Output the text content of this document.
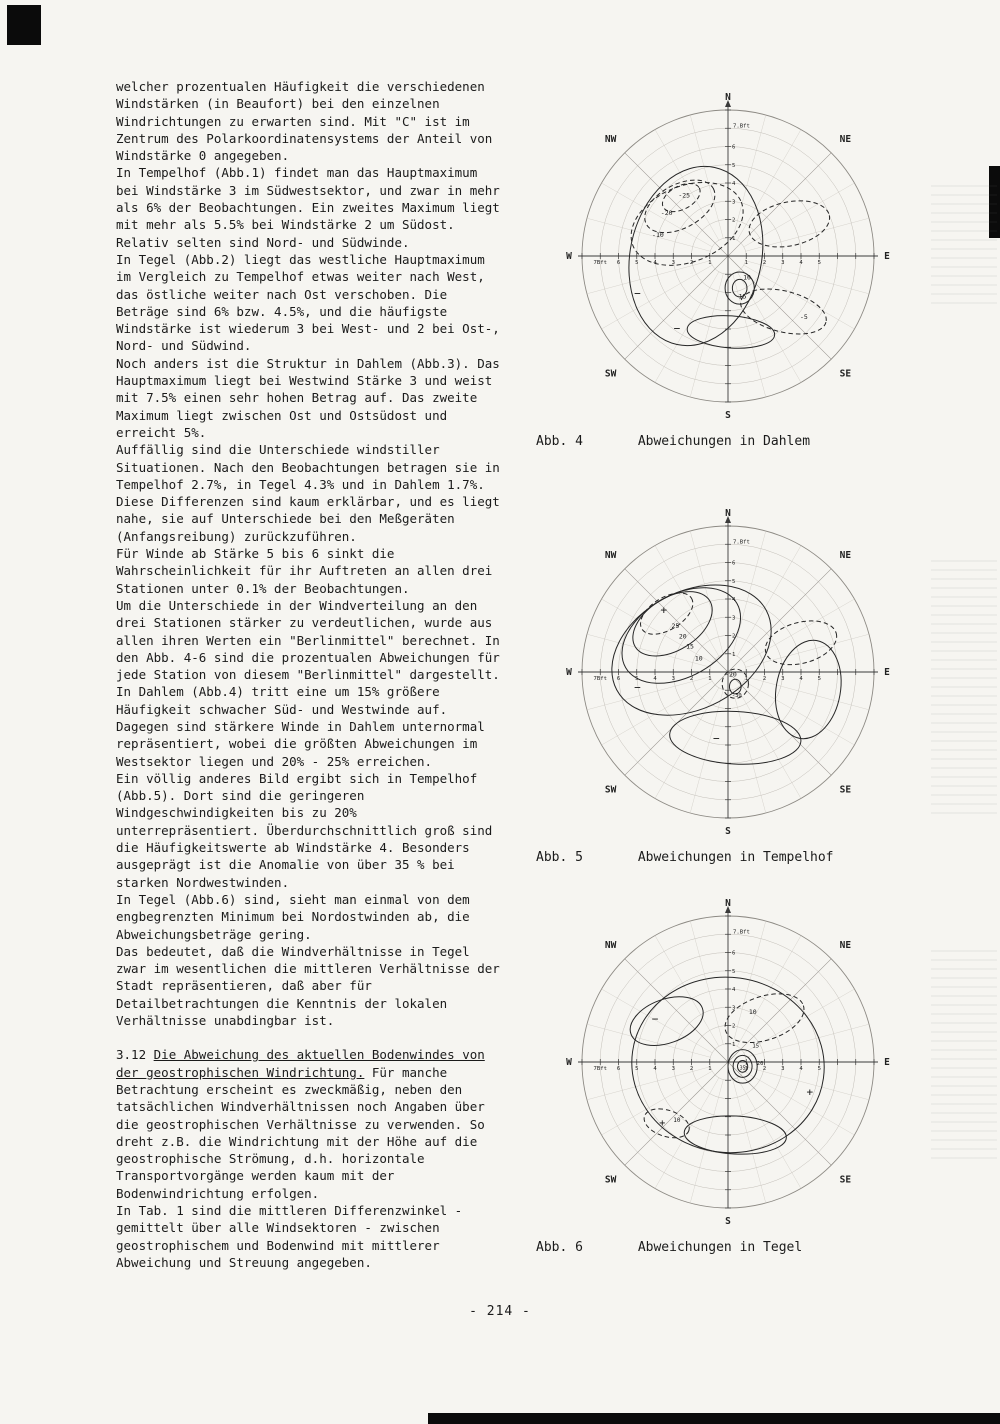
welcher prozentualen Häufigkeit die verschiedenen Windstärken (in Beaufort) bei den einzelnen Windrichtungen zu erwarten sind. Mit "C" ist im Zentrum des Polarkoordinatensystems der Anteil von Windstärke 0 angegeben.

In Tempelhof (Abb.1) findet man das Hauptmaximum bei Windstärke 3 im Südwestsektor, und zwar in mehr als 6% der Beobachtungen. Ein zweites Maximum liegt mit mehr als 5.5% bei Windstärke 2 um Südost. Relativ selten sind Nord- und Südwinde.

In Tegel (Abb.2) liegt das westliche Hauptmaximum im Vergleich zu Tempelhof etwas weiter nach West, das östliche weiter nach Ost verschoben. Die Beträge sind 6% bzw. 4.5%, und die häufigste Windstärke ist wiederum 3 bei West- und 2 bei Ost-, Nord- und Südwind.

Noch anders ist die Struktur in Dahlem (Abb.3). Das Hauptmaximum liegt bei Westwind Stärke 3 und weist mit 7.5% einen sehr hohen Betrag auf. Das zweite Maximum liegt zwischen Ost und Ostsüdost und erreicht 5%.

Auffällig sind die Unterschiede windstiller Situationen. Nach den Beobachtungen betragen sie in Tempelhof 2.7%, in Tegel 4.3% und in Dahlem 1.7%. Diese Differenzen sind kaum erklärbar, und es liegt nahe, sie auf Unterschiede bei den Meßgeräten (Anfangsreibung) zurückzuführen.

Für Winde ab Stärke 5 bis 6 sinkt die Wahrscheinlichkeit für ihr Auftreten an allen drei Stationen unter 0.1% der Beobachtungen.

Um die Unterschiede in der Windverteilung an den drei Stationen stärker zu verdeutlichen, wurde aus allen ihren Werten ein "Berlinmittel" berechnet. In den Abb. 4-6 sind die prozentualen Abweichungen für jede Station von diesem "Berlinmittel" dargestellt. In Dahlem (Abb.4) tritt eine um 15% größere Häufigkeit schwacher Süd- und Westwinde auf. Dagegen sind stärkere Winde in Dahlem unternormal repräsentiert, wobei die größten Abweichungen im Westsektor liegen und 20% - 25% erreichen.

Ein völlig anderes Bild ergibt sich in Tempelhof (Abb.5). Dort sind die geringeren Windgeschwindigkeiten bis zu 20% unterrepräsentiert. Überdurchschnittlich groß sind die Häufigkeitswerte ab Windstärke 4. Besonders ausgeprägt ist die Anomalie von über 35 % bei starken Nordwestwinden.

In Tegel (Abb.6) sind, sieht man einmal von dem engbegrenzten Minimum bei Nordostwinden ab, die Abweichungsbeträge gering.

Das bedeutet, daß die Windverhältnisse in Tegel zwar im wesentlichen die mittleren Verhältnisse der Stadt repräsentieren, daß aber für Detailbetrachtungen die Kenntnis der lokalen Verhältnisse unabdingbar ist.

3.12 Die Abweichung des aktuellen Bodenwindes von der geostrophischen Windrichtung. Für manche Betrachtung erscheint es zweckmäßig, neben den tatsächlichen Windverhältnissen noch Angaben über die geostrophischen Verhältnisse zu verwenden. So dreht z.B. die Windrichtung mit der Höhe auf die geostrophische Strömung, d.h. horizontale Transportvorgänge werden kaum mit der Bodenwindrichtung erfolgen.

In Tab. 1 sind die mittleren Differenzwinkel - gemittelt über alle Windsektoren - zwischen geostrophischem und Bodenwind mit mittlerer Abweichung und Streuung angegeben.

N
NE
E
SE
S
SW
W
NW
7.Bft
1
2
3
4
5
6
7Bft	1
2
3
4
5
6	1	2	3	4	5
-25
-20
-10
−
10
15
-5
−
Abb. 4	Abweichungen in Dahlem
N
NE
E
SE
S
SW
W
NW
7.Bft
1
2
3
4
5
6
7Bft	1
2
3
4
5
6	1	2	3	4	5
+
25
20
15
10
-20
-30
−
−
Abb. 5	Abweichungen in Tempelhof
N
NE
E
SE
S
SW
W
NW
7.Bft
1
2
3
4
5
6
7Bft	1
2
3
4
5
6	1	2	3	4	5
−
10
15
20
35
+ 10
+
Abb. 6	Abweichungen in Tegel
- 214 -
